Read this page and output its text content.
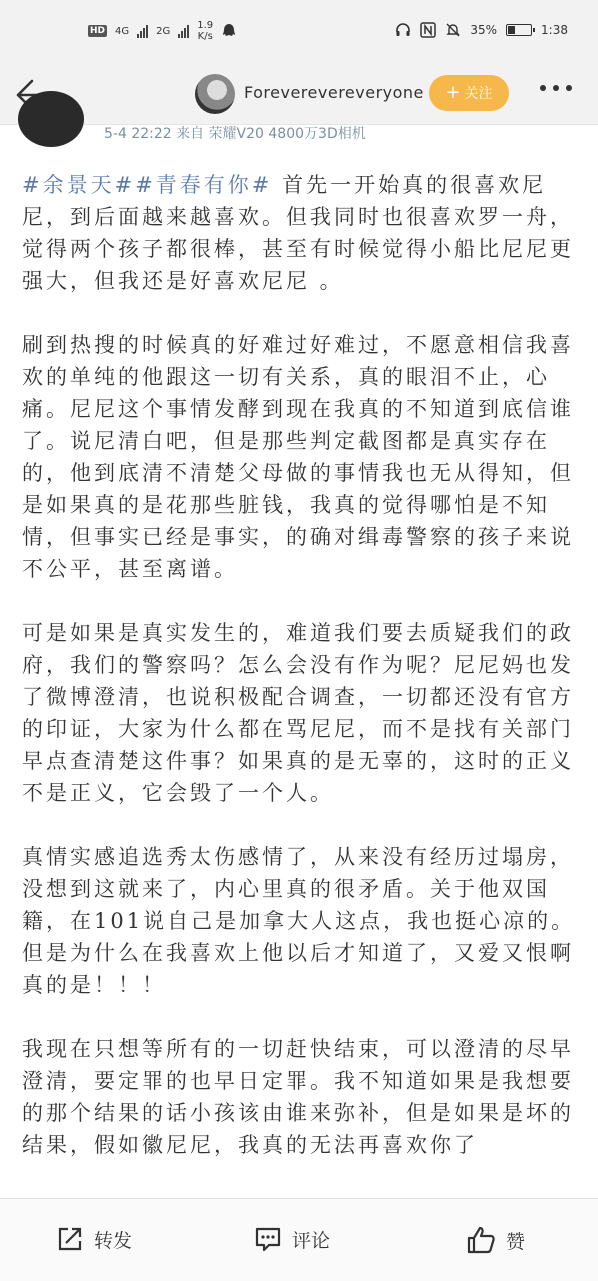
HD 4G	2G	1.9
K/s	35%	1:38
Foreverevereveryone + 关注
5-4 22:22 来自 荣耀V20 4800万3D相机

#余景天##青春有你# 首先一开始真的很喜欢尼尼，到后面越来越喜欢。但我同时也很喜欢罗一舟，觉得两个孩子都很棒，甚至有时候觉得小船比尼尼更强大，但我还是好喜欢尼尼 。

刷到热搜的时候真的好难过好难过，不愿意相信我喜欢的单纯的他跟这一切有关系，真的眼泪不止，心痛。尼尼这个事情发酵到现在我真的不知道到底信谁了。说尼清白吧，但是那些判定截图都是真实存在的，他到底清不清楚父母做的事情我也无从得知，但是如果真的是花那些脏钱，我真的觉得哪怕是不知情，但事实已经是事实，的确对缉毒警察的孩子来说不公平，甚至离谱。

可是如果是真实发生的，难道我们要去质疑我们的政府，我们的警察吗？怎么会没有作为呢？尼尼妈也发了微博澄清，也说积极配合调查，一切都还没有官方的印证，大家为什么都在骂尼尼，而不是找有关部门早点查清楚这件事？如果真的是无辜的，这时的正义不是正义，它会毁了一个人。

真情实感追选秀太伤感情了，从来没有经历过塌房，没想到这就来了，内心里真的很矛盾。关于他双国籍，在101说自己是加拿大人这点，我也挺心凉的。但是为什么在我喜欢上他以后才知道了，又爱又恨啊真的是！！！

我现在只想等所有的一切赶快结束，可以澄清的尽早澄清，要定罪的也早日定罪。我不知道如果是我想要的那个结果的话小孩该由谁来弥补，但是如果是坏的结果，假如徽尼尼，我真的无法再喜欢你了

转发	评论	赞
